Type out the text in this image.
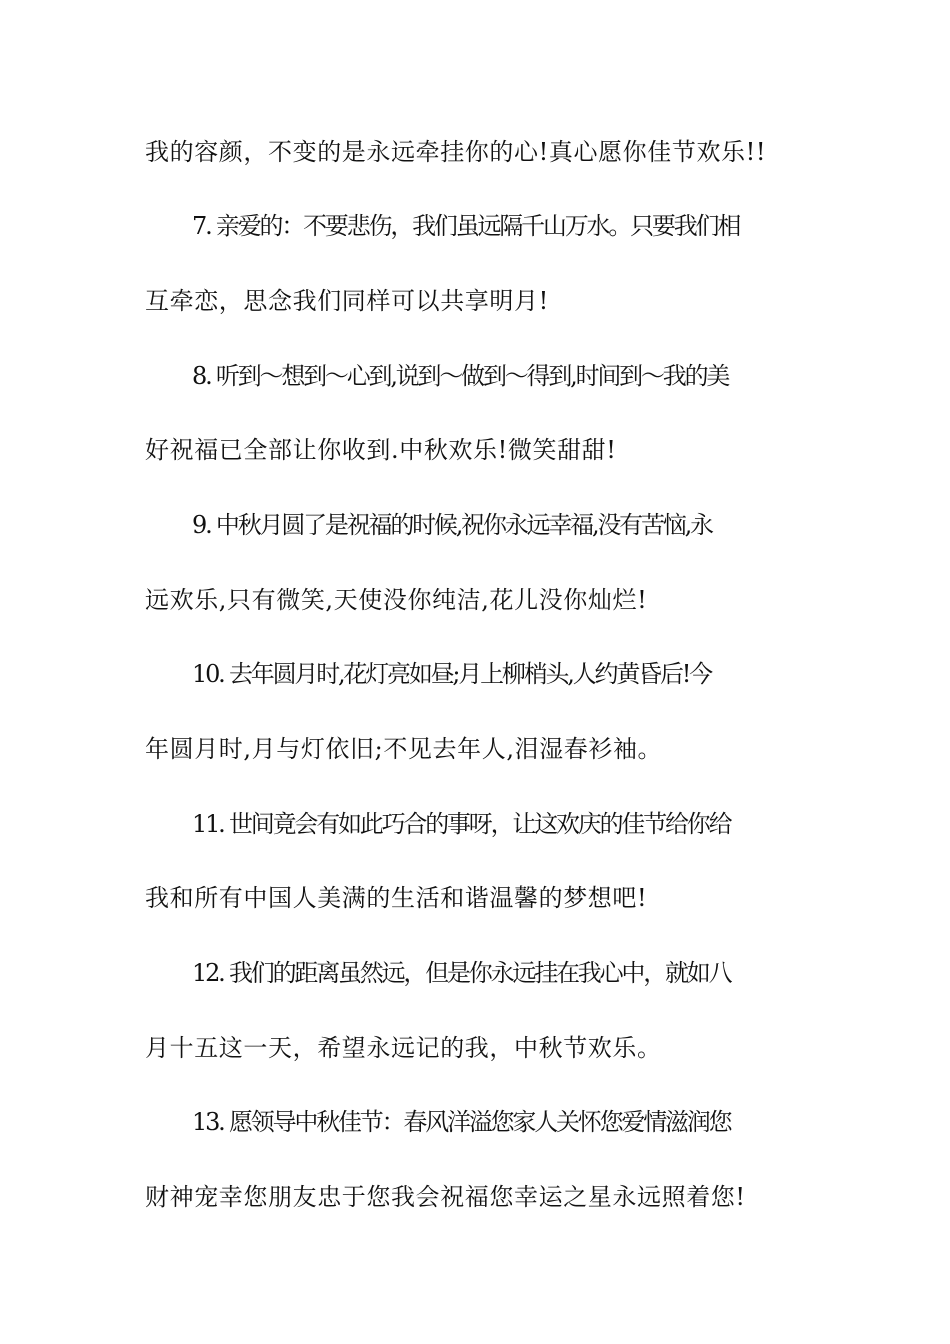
我的容颜，不变的是永远牵挂你的心!真心愿你佳节欢乐!!
7. 亲爱的：不要悲伤，我们虽远隔千山万水。只要我们相
互牵恋，思念我们同样可以共享明月!
8. 听到～想到～心到,说到～做到～得到,时间到～我的美
好祝福已全部让你收到.中秋欢乐!微笑甜甜!
9. 中秋月圆了是祝福的时候,祝你永远幸福,没有苦恼,永
远欢乐,只有微笑,天使没你纯洁,花儿没你灿烂!
10. 去年圆月时,花灯亮如昼;月上柳梢头,人约黄昏后!今
年圆月时,月与灯依旧;不见去年人,泪湿春衫袖。
11. 世间竟会有如此巧合的事呀，让这欢庆的佳节给你给
我和所有中国人美满的生活和谐温馨的梦想吧!
12. 我们的距离虽然远，但是你永远挂在我心中，就如八
月十五这一天，希望永远记的我，中秋节欢乐。
13. 愿领导中秋佳节：春风洋溢您家人关怀您爱情滋润您
财神宠幸您朋友忠于您我会祝福您幸运之星永远照着您!
